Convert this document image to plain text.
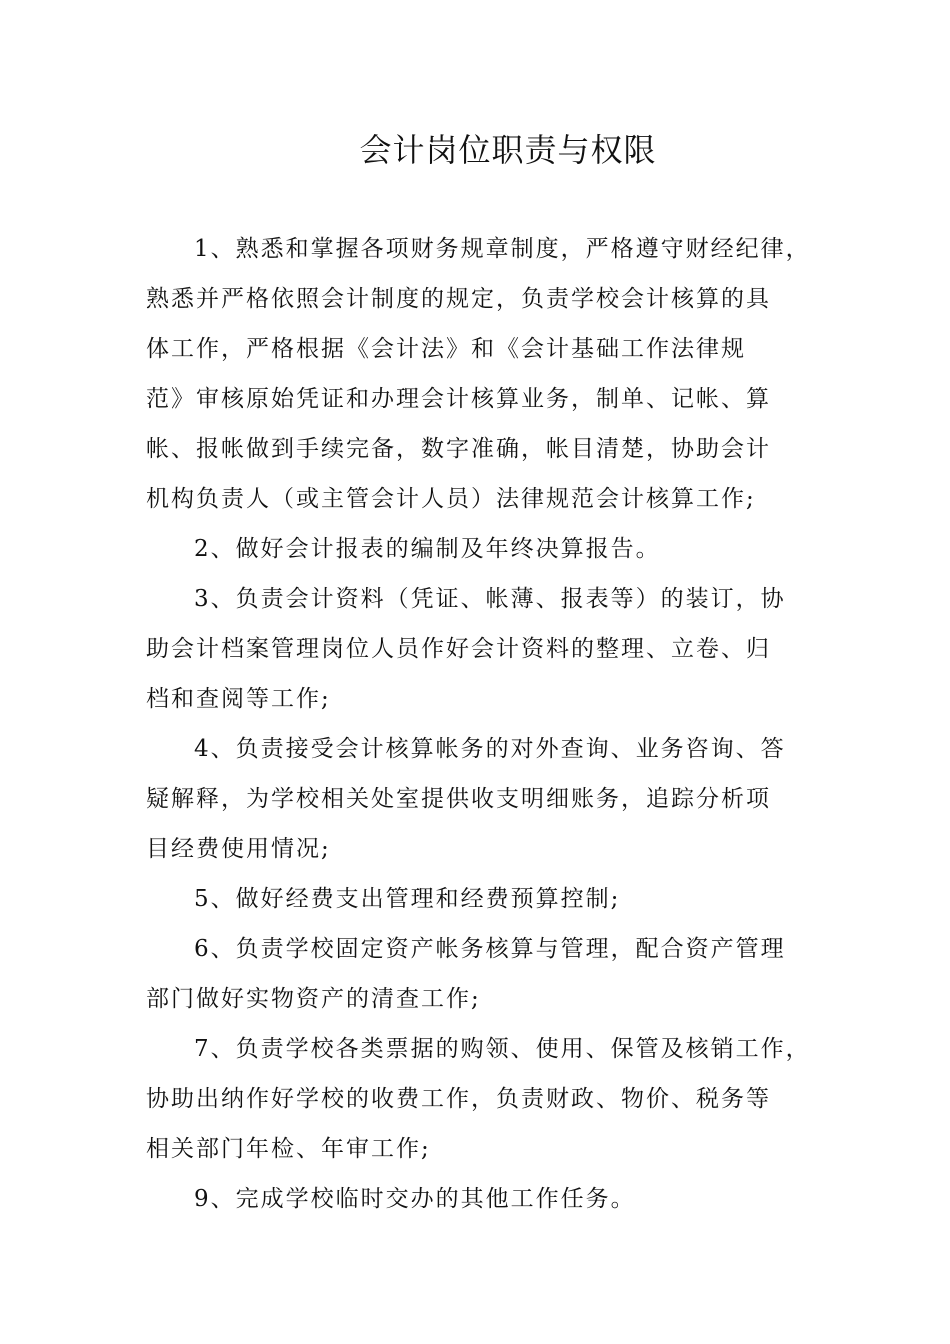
会计岗位职责与权限
1、熟悉和掌握各项财务规章制度，严格遵守财经纪律，
熟悉并严格依照会计制度的规定，负责学校会计核算的具
体工作，严格根据《会计法》和《会计基础工作法律规
范》审核原始凭证和办理会计核算业务，制单、记帐、算
帐、报帐做到手续完备，数字准确，帐目清楚，协助会计
机构负责人（或主管会计人员）法律规范会计核算工作;
2、做好会计报表的编制及年终决算报告。
3、负责会计资料（凭证、帐薄、报表等）的装订，协
助会计档案管理岗位人员作好会计资料的整理、立卷、归
档和查阅等工作;
4、负责接受会计核算帐务的对外查询、业务咨询、答
疑解释，为学校相关处室提供收支明细账务，追踪分析项
目经费使用情况;
5、做好经费支出管理和经费预算控制;
6、负责学校固定资产帐务核算与管理，配合资产管理
部门做好实物资产的清查工作;
7、负责学校各类票据的购领、使用、保管及核销工作，
协助出纳作好学校的收费工作，负责财政、物价、税务等
相关部门年检、年审工作;
9、完成学校临时交办的其他工作任务。
